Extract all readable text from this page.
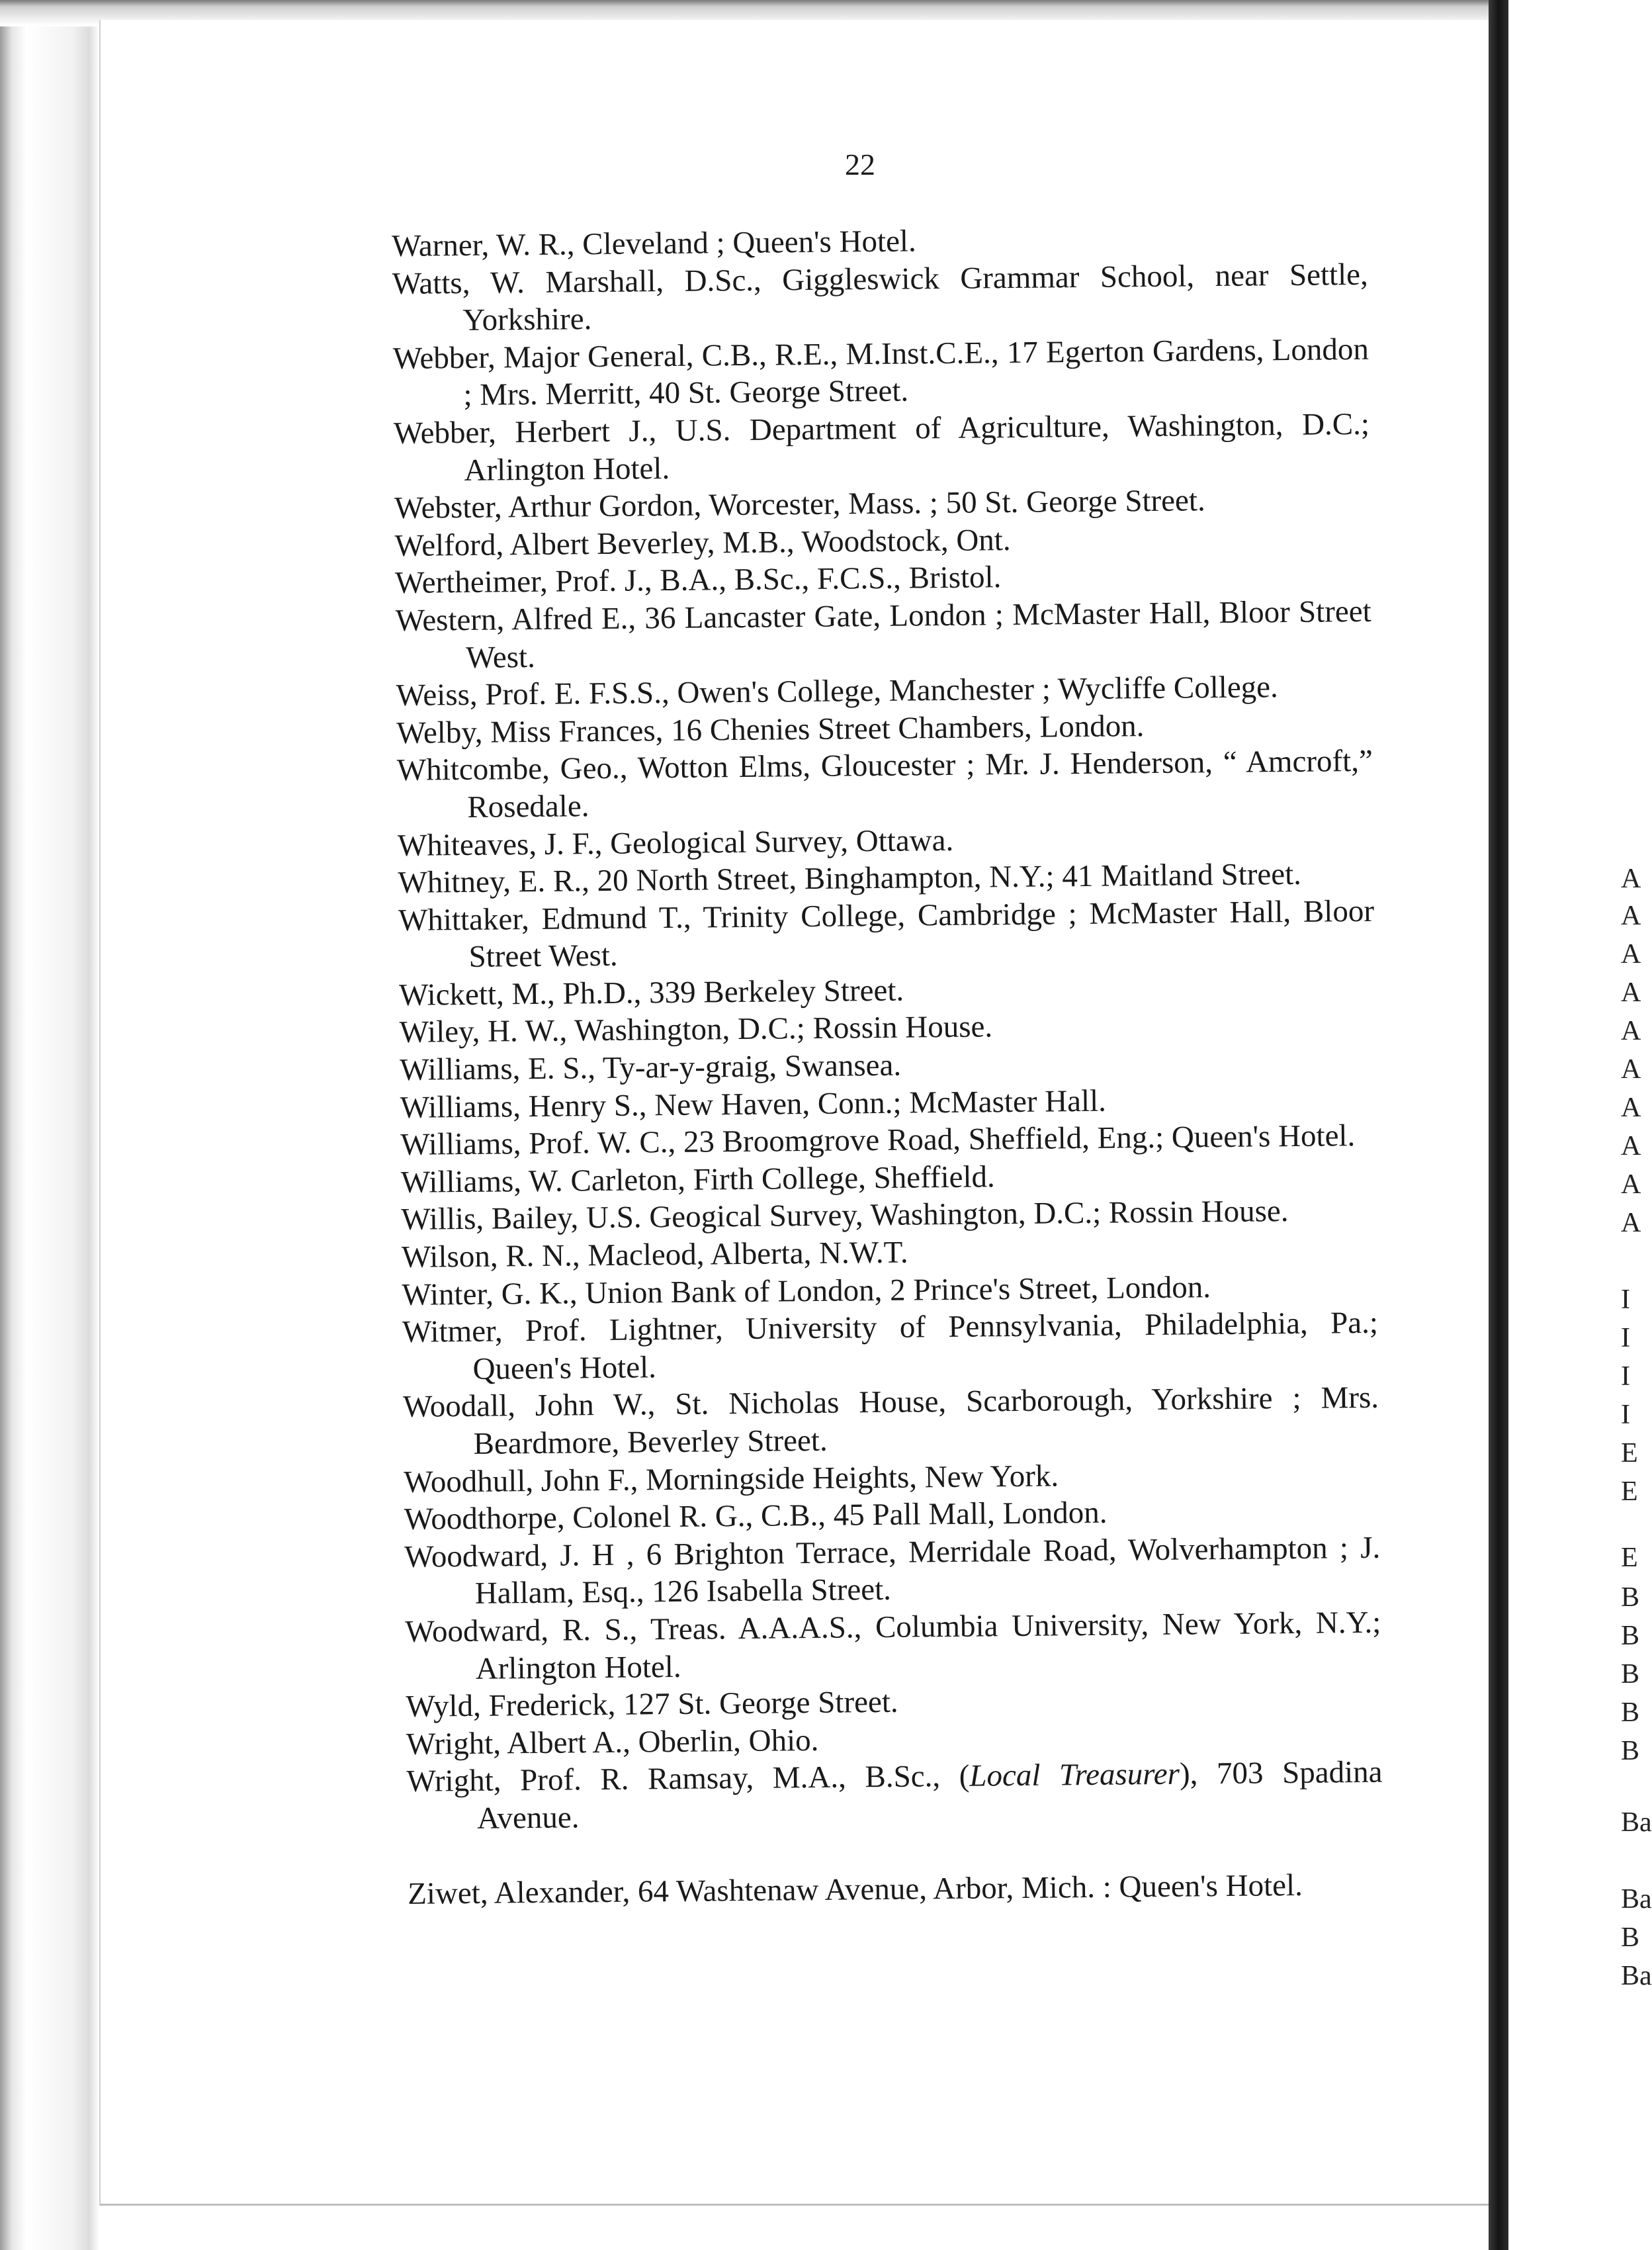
A
A
A
A
A
A
A
A
A
A
I
I
I
I
E
E
E
B
B
B
B
B
Ba
Ba
B
Ba
22

Warner, W. R., Cleveland ; Queen's Hotel.

Watts, W. Marshall, D.Sc., Giggleswick Grammar School, near Settle, Yorkshire.

Webber, Major General, C.B., R.E., M.Inst.C.E., 17 Egerton Gardens, London ; Mrs. Merritt, 40 St. George Street.

Webber, Herbert J., U.S. Department of Agriculture, Washington, D.C.; Arlington Hotel.

Webster, Arthur Gordon, Worcester, Mass. ; 50 St. George Street.

Welford, Albert Beverley, M.B., Woodstock, Ont.

Wertheimer, Prof. J., B.A., B.Sc., F.C.S., Bristol.

Western, Alfred E., 36 Lancaster Gate, London ; McMaster Hall, Bloor Street West.

Weiss, Prof. E. F.S.S., Owen's College, Manchester ; Wycliffe College.

Welby, Miss Frances, 16 Chenies Street Chambers, London.

Whitcombe, Geo., Wotton Elms, Gloucester ; Mr. J. Henderson, “ Amcroft,” Rosedale.

Whiteaves, J. F., Geological Survey, Ottawa.

Whitney, E. R., 20 North Street, Binghampton, N.Y.; 41 Maitland Street.

Whittaker, Edmund T., Trinity College, Cambridge ; McMaster Hall, Bloor Street West.

Wickett, M., Ph.D., 339 Berkeley Street.

Wiley, H. W., Washington, D.C.; Rossin House.

Williams, E. S., Ty-ar-y-graig, Swansea.

Williams, Henry S., New Haven, Conn.; McMaster Hall.

Williams, Prof. W. C., 23 Broomgrove Road, Sheffield, Eng.; Queen's Hotel.

Williams, W. Carleton, Firth College, Sheffield.

Willis, Bailey, U.S. Geogical Survey, Washington, D.C.; Rossin House.

Wilson, R. N., Macleod, Alberta, N.W.T.

Winter, G. K., Union Bank of London, 2 Prince's Street, London.

Witmer, Prof. Lightner, University of Pennsylvania, Philadelphia, Pa.; Queen's Hotel.

Woodall, John W., St. Nicholas House, Scarborough, Yorkshire ; Mrs. Beardmore, Beverley Street.

Woodhull, John F., Morningside Heights, New York.

Woodthorpe, Colonel R. G., C.B., 45 Pall Mall, London.

Woodward, J. H , 6 Brighton Terrace, Merridale Road, Wolverhampton ; J. Hallam, Esq., 126 Isabella Street.

Woodward, R. S., Treas. A.A.A.S., Columbia University, New York, N.Y.; Arlington Hotel.

Wyld, Frederick, 127 St. George Street.

Wright, Albert A., Oberlin, Ohio.

Wright, Prof. R. Ramsay, M.A., B.Sc., (Local Treasurer), 703 Spadina Avenue.

Ziwet, Alexander, 64 Washtenaw Avenue, Arbor, Mich. : Queen's Hotel.
